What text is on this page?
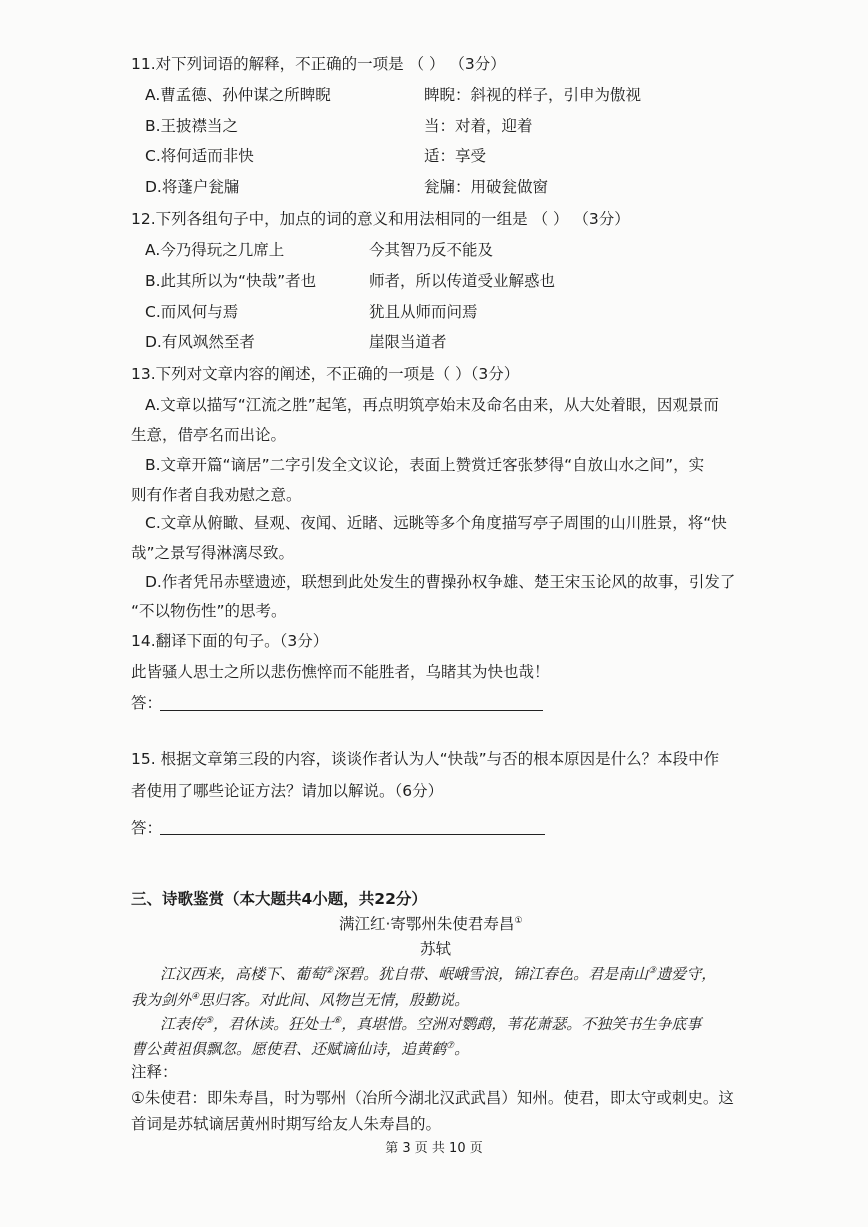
11.对下列词语的解释，不正确的一项是 （ ） （3分）
A.曹孟德、孙仲谋之所睥睨	睥睨：斜视的样子，引申为傲视
B.王披襟当之	当：对着，迎着
C.将何适而非快	适：享受
D.将蓬户瓮牖	瓮牖：用破瓮做窗
12.下列各组句子中，加点的词的意义和用法相同的一组是 （ ） （3分）
A.今乃得玩之几席上	今其智乃反不能及
B.此其所以为“快哉”者也	师者，所以传道受业解惑也
C.而风何与焉	犹且从师而问焉
D.有风飒然至者	崖限当道者
13.下列对文章内容的阐述，不正确的一项是（ ）（3分）
A.文章以描写“江流之胜”起笔，再点明筑亭始末及命名由来，从大处着眼，因观景而
生意，借亭名而出论。
B.文章开篇“谪居”二字引发全文议论，表面上赞赏迁客张梦得“自放山水之间”，实
则有作者自我劝慰之意。
C.文章从俯瞰、昼观、夜闻、近睹、远眺等多个角度描写亭子周围的山川胜景，将“快
哉”之景写得淋漓尽致。
D.作者凭吊赤壁遗迹，联想到此处发生的曹操孙权争雄、楚王宋玉论风的故事，引发了
“不以物伤性”的思考。
14.翻译下面的句子。（3分）
此皆骚人思士之所以悲伤憔悴而不能胜者，乌睹其为快也哉！
答：
15. 根据文章第三段的内容，谈谈作者认为人“快哉”与否的根本原因是什么？本段中作
者使用了哪些论证方法？请加以解说。（6分）
答：
三、诗歌鉴赏（本大题共4小题，共22分）
满江红·寄鄂州朱使君寿昌①
苏轼
江汉西来，高楼下、葡萄②深碧。犹自带、岷峨雪浪，锦江春色。君是南山③遗爱守，
我为剑外④思归客。对此间、风物岂无情，殷勤说。
江表传⑤，君休读。狂处士⑥，真堪惜。空洲对鹦鹉，苇花萧瑟。不独笑书生争底事
曹公黄祖俱飘忽。愿使君、还赋谪仙诗，追黄鹤⑦。
注释：
①朱使君：即朱寿昌，时为鄂州（冶所今湖北汉武武昌）知州。使君，即太守或刺史。这
首词是苏轼谪居黄州时期写给友人朱寿昌的。
第 3 页 共 10 页
